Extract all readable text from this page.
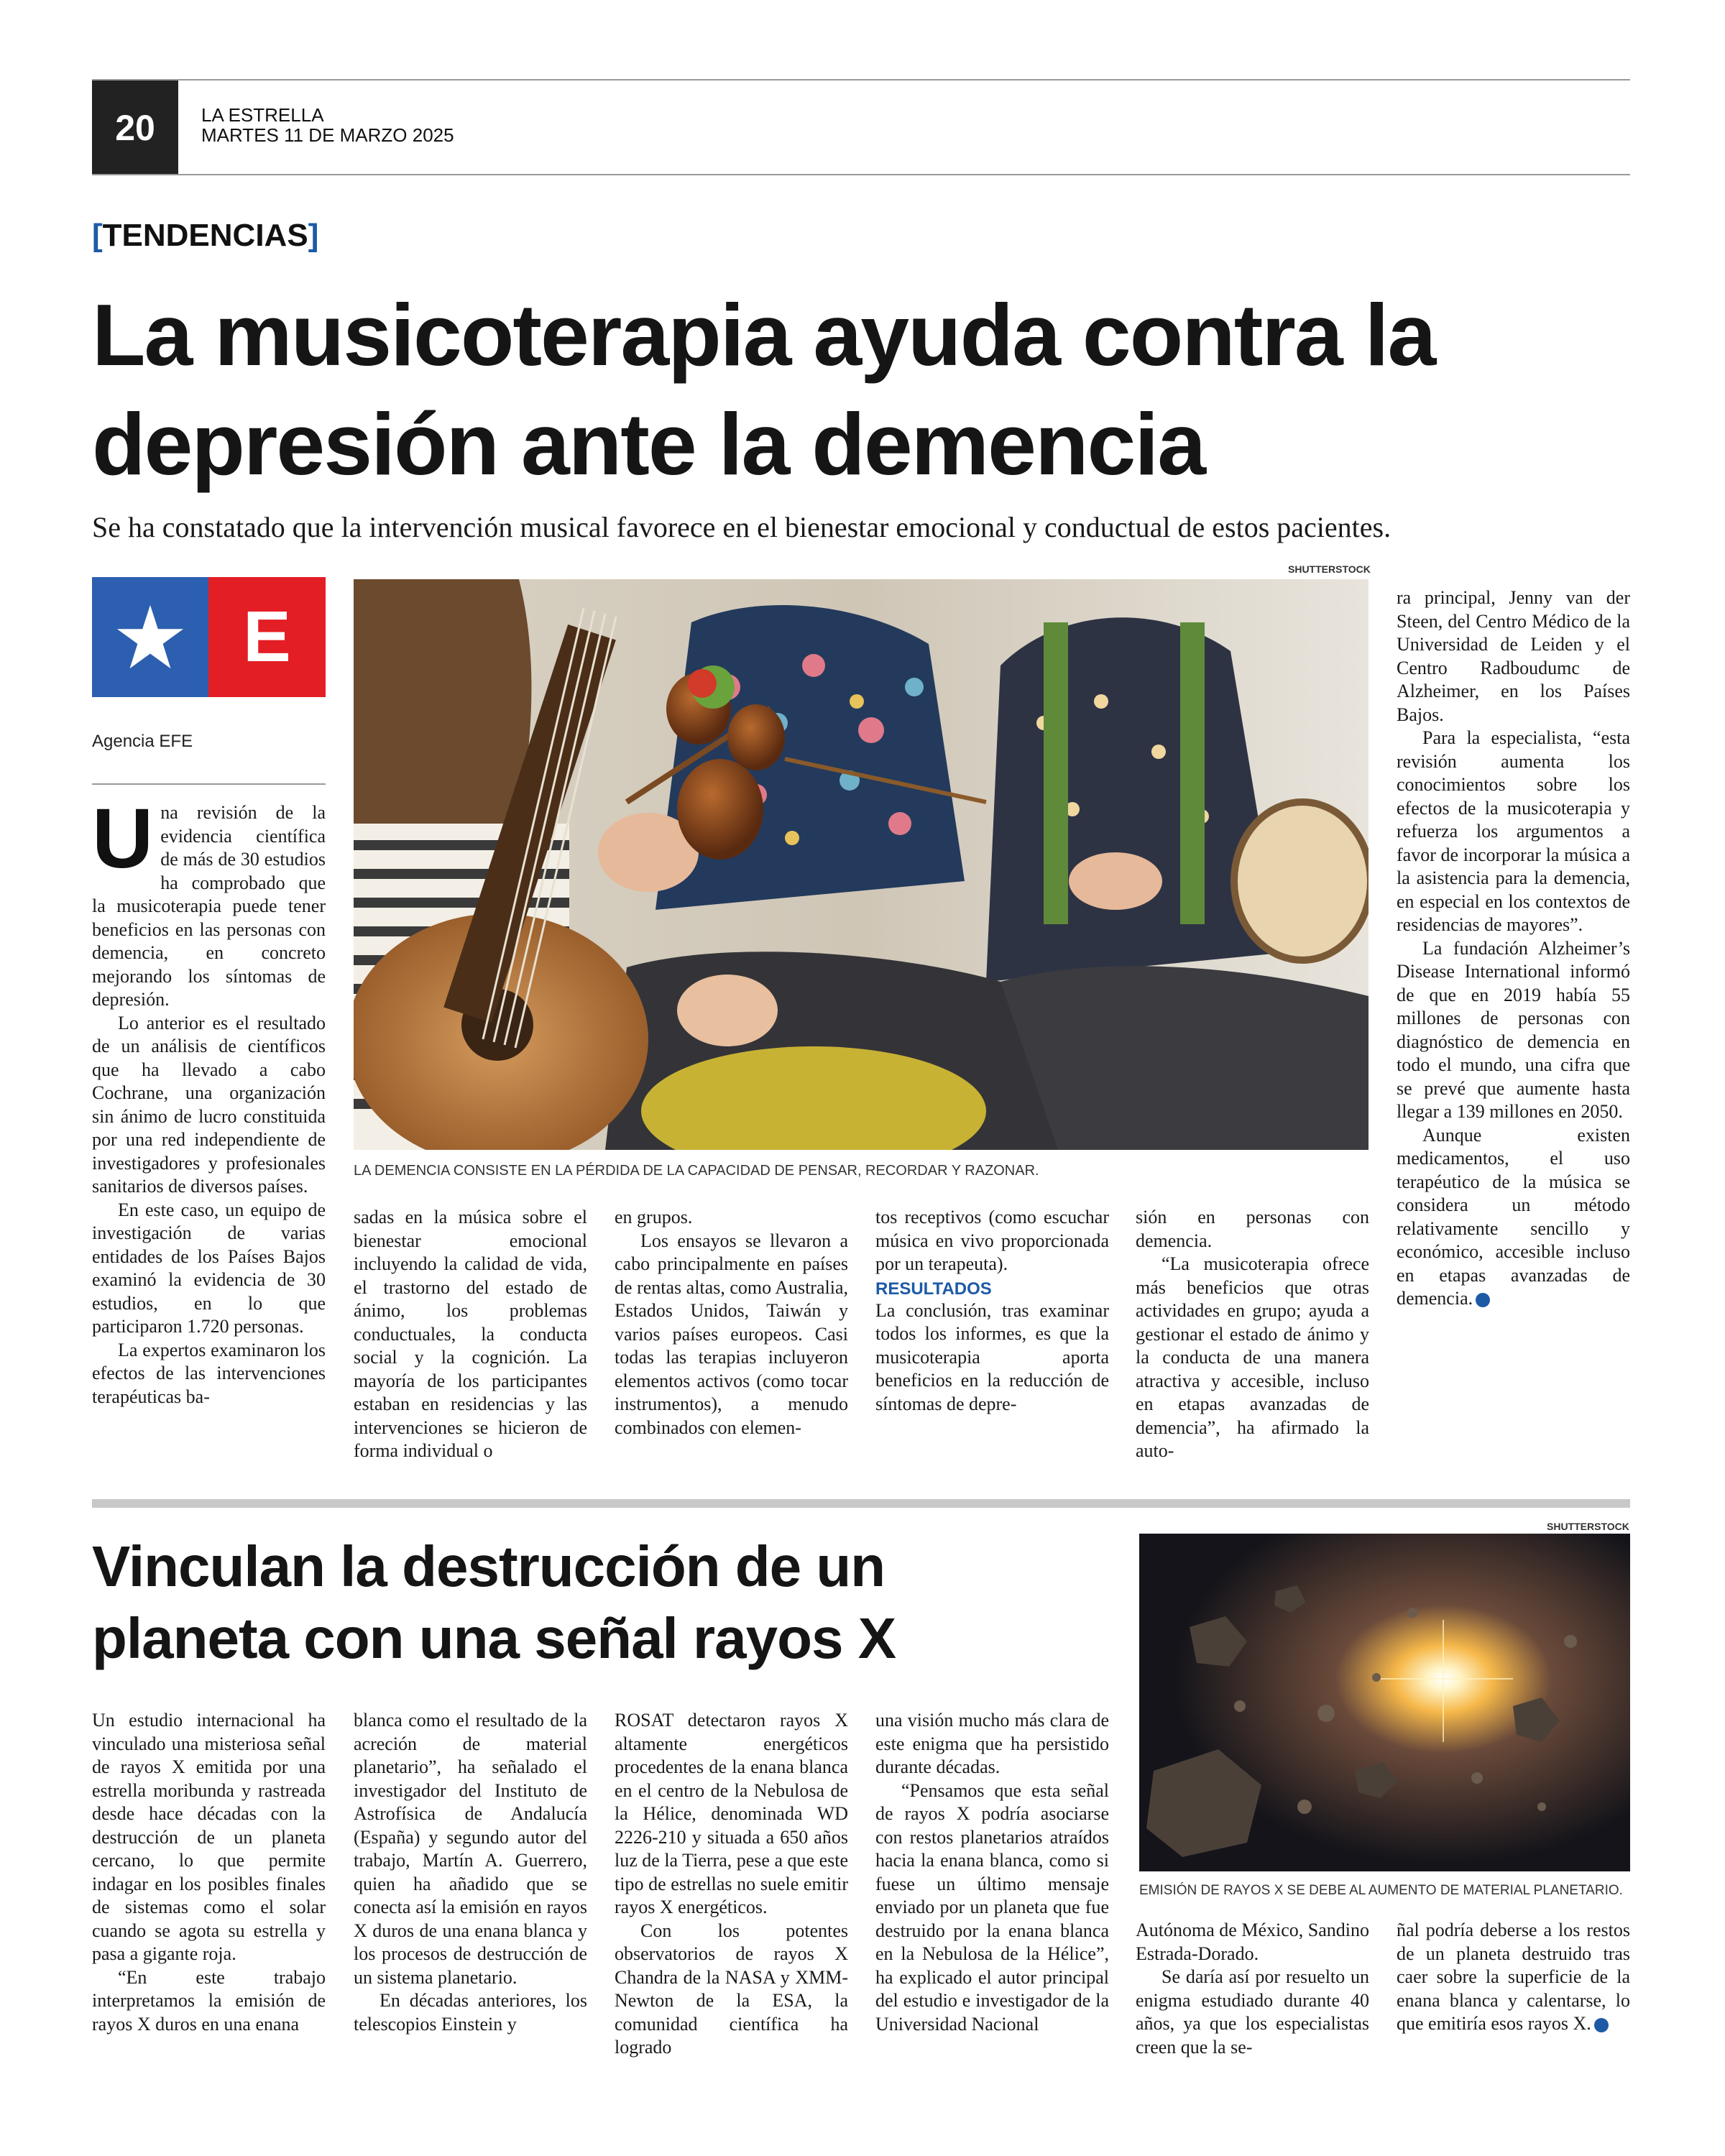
20	LA ESTRELLA
MARTES 11 DE MARZO 2025
[TENDENCIAS]
La musicoterapia ayuda contra la
depresión ante la demencia
Se ha constatado que la intervención musical favorece en el bienestar emocional y conductual de estos pacientes.
SHUTTERSTOCK
E
Agencia EFE
LA DEMENCIA CONSISTE EN LA PÉRDIDA DE LA CAPACIDAD DE PENSAR, RECORDAR Y RAZONAR.

Una revisión de la evidencia científica de más de 30 estudios ha comprobado que la musicoterapia puede tener beneficios en las personas con demencia, en concreto mejorando los síntomas de depresión.

Lo anterior es el resultado de un análisis de científicos que ha llevado a cabo Cochrane, una organización sin ánimo de lucro constituida por una red independiente de investigadores y profesionales sanitarios de diversos países.

En este caso, un equipo de investigación de varias entidades de los Países Bajos examinó la evidencia de 30 estudios, en lo que participaron 1.720 personas.

La expertos examinaron los efectos de las intervenciones terapéuticas ba-

sadas en la música sobre el bienestar emocional incluyendo la calidad de vida, el trastorno del estado de ánimo, los problemas conductuales, la conducta social y la cognición. La mayoría de los participantes estaban en residencias y las intervenciones se hicieron de forma individual o

en grupos.

Los ensayos se llevaron a cabo principalmente en países de rentas altas, como Australia, Estados Unidos, Taiwán y varios países europeos. Casi todas las terapias incluyeron elementos activos (como tocar instrumentos), a menudo combinados con elemen-

tos receptivos (como escuchar música en vivo proporcionada por un terapeuta).

RESULTADOS

La conclusión, tras examinar todos los informes, es que la musicoterapia aporta beneficios en la reducción de síntomas de depre-

sión en personas con demencia.

“La musicoterapia ofrece más beneficios que otras actividades en grupo; ayuda a gestionar el estado de ánimo y la conducta de una manera atractiva y accesible, incluso en etapas avanzadas de demencia”, ha afirmado la auto-

ra principal, Jenny van der Steen, del Centro Médico de la Universidad de Leiden y el Centro Radboudumc de Alzheimer, en los Países Bajos.

Para la especialista, “esta revisión aumenta los conocimientos sobre los efectos de la musicoterapia y refuerza los argumentos a favor de incorporar la música a la asistencia para la demencia, en especial en los contextos de residencias de mayores”.

La fundación Alzheimer’s Disease International informó de que en 2019 había 55 millones de personas con diagnóstico de demencia en todo el mundo, una cifra que se prevé que aumente hasta llegar a 139 millones en 2050.

Aunque existen medicamentos, el uso terapéutico de la música se considera un método relativamente sencillo y económico, accesible incluso en etapas avanzadas de demencia.

Vinculan la destrucción de un
planeta con una señal rayos X
SHUTTERSTOCK
EMISIÓN DE RAYOS X SE DEBE AL AUMENTO DE MATERIAL PLANETARIO.

Un estudio internacional ha vinculado una misteriosa señal de rayos X emitida por una estrella moribunda y rastreada desde hace décadas con la destrucción de un planeta cercano, lo que permite indagar en los posibles finales de sistemas como el solar cuando se agota su estrella y pasa a gigante roja.

“En este trabajo interpretamos la emisión de rayos X duros en una enana

blanca como el resultado de la acreción de material planetario”, ha señalado el investigador del Instituto de Astrofísica de Andalucía (España) y segundo autor del trabajo, Martín A. Guerrero, quien ha añadido que se conecta así la emisión en rayos X duros de una enana blanca y los procesos de destrucción de un sistema planetario.

En décadas anteriores, los telescopios Einstein y

ROSAT detectaron rayos X altamente energéticos procedentes de la enana blanca en el centro de la Nebulosa de la Hélice, denominada WD 2226-210 y situada a 650 años luz de la Tierra, pese a que este tipo de estrellas no suele emitir rayos X energéticos.

Con los potentes observatorios de rayos X Chandra de la NASA y XMM-Newton de la ESA, la comunidad científica ha logrado

una visión mucho más clara de este enigma que ha persistido durante décadas.

“Pensamos que esta señal de rayos X podría asociarse con restos planetarios atraídos hacia la enana blanca, como si fuese un último mensaje enviado por un planeta que fue destruido por la enana blanca en la Nebulosa de la Hélice”, ha explicado el autor principal del estudio e investigador de la Universidad Nacional

Autónoma de México, Sandino Estrada-Dorado.

Se daría así por resuelto un enigma estudiado durante 40 años, ya que los especialistas creen que la se-

ñal podría deberse a los restos de un planeta destruido tras caer sobre la superficie de la enana blanca y calentarse, lo que emitiría esos rayos X.
